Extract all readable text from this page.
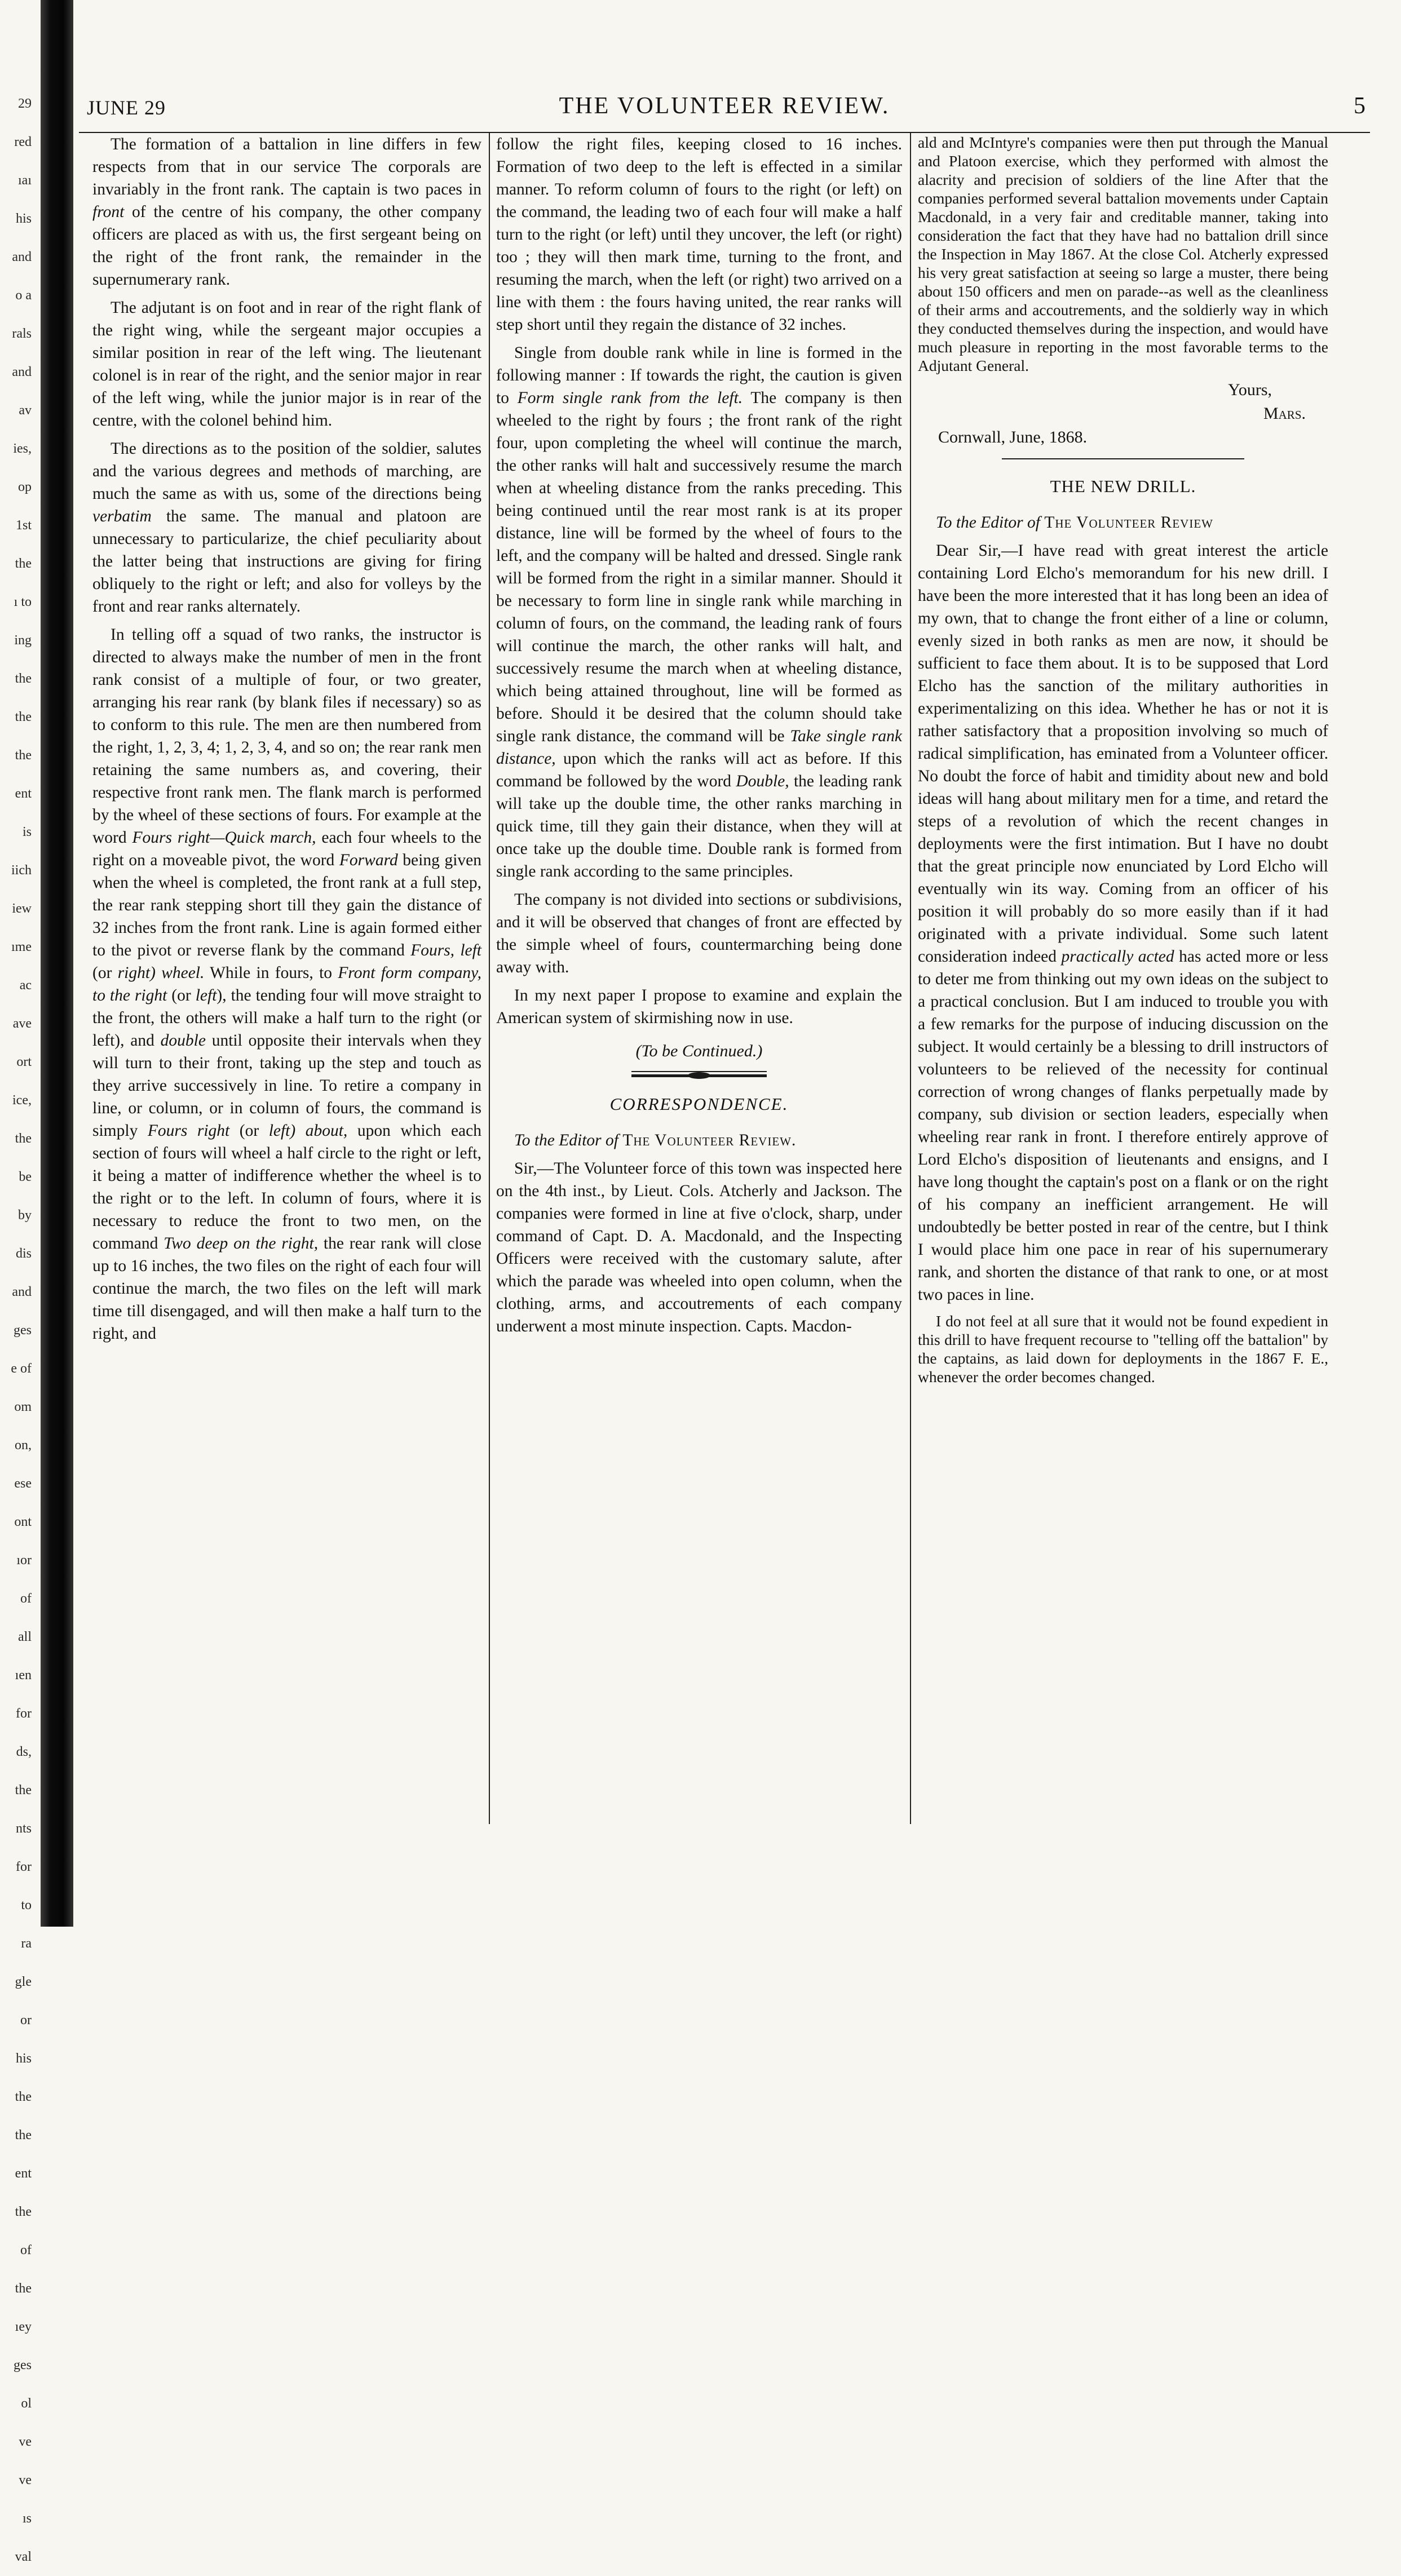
29
red
ıaı
his
and
o a
rals
and
av
ies,
op
1st
the
ı to
ing
the
the
the
ent
is
iich
iew
ıme
ac
ave
ort
ice,
the
be
by
dis
and
ges
e of
om
on,
ese
ont
ıor
of
all
ıen
for
ds,
the
nts
for
to
ra
gle
or
his
the
the
ent
the
of
the
ıey
ges
ol
ve
ve
ıs
val
JUNE 29	THE VOLUNTEER REVIEW.	5

The formation of a battalion in line differs in few respects from that in our service The corporals are invariably in the front rank. The captain is two paces in front of the centre of his company, the other company officers are placed as with us, the first sergeant being on the right of the front rank, the remainder in the supernumerary rank.

The adjutant is on foot and in rear of the right flank of the right wing, while the sergeant major occupies a similar position in rear of the left wing. The lieutenant colonel is in rear of the right, and the senior major in rear of the left wing, while the junior major is in rear of the centre, with the colonel behind him.

The directions as to the position of the soldier, salutes and the various degrees and methods of marching, are much the same as with us, some of the directions being verbatim the same. The manual and platoon are unnecessary to particularize, the chief peculiarity about the latter being that instructions are giving for firing obliquely to the right or left; and also for volleys by the front and rear ranks alternately.

In telling off a squad of two ranks, the instructor is directed to always make the number of men in the front rank consist of a multiple of four, or two greater, arranging his rear rank (by blank files if necessary) so as to conform to this rule. The men are then numbered from the right, 1, 2, 3, 4; 1, 2, 3, 4, and so on; the rear rank men retaining the same numbers as, and covering, their respective front rank men. The flank march is performed by the wheel of these sections of fours. For example at the word Fours right—Quick march, each four wheels to the right on a moveable pivot, the word Forward being given when the wheel is completed, the front rank at a full step, the rear rank stepping short till they gain the distance of 32 inches from the front rank. Line is again formed either to the pivot or reverse flank by the command Fours, left (or right) wheel. While in fours, to Front form company, to the right (or left), the tending four will move straight to the front, the others will make a half turn to the right (or left), and double until opposite their intervals when they will turn to their front, taking up the step and touch as they arrive successively in line. To retire a company in line, or column, or in column of fours, the command is simply Fours right (or left) about, upon which each section of fours will wheel a half circle to the right or left, it being a matter of indifference whether the wheel is to the right or to the left. In column of fours, where it is necessary to reduce the front to two men, on the command Two deep on the right, the rear rank will close up to 16 inches, the two files on the right of each four will continue the march, the two files on the left will mark time till disengaged, and will then make a half turn to the right, and

follow the right files, keeping closed to 16 inches. Formation of two deep to the left is effected in a similar manner. To reform column of fours to the right (or left) on the command, the leading two of each four will make a half turn to the right (or left) until they uncover, the left (or right) too ; they will then mark time, turning to the front, and resuming the march, when the left (or right) two arrived on a line with them : the fours having united, the rear ranks will step short until they regain the distance of 32 inches.

Single from double rank while in line is formed in the following manner : If towards the right, the caution is given to Form single rank from the left. The company is then wheeled to the right by fours ; the front rank of the right four, upon completing the wheel will continue the march, the other ranks will halt and successively resume the march when at wheeling distance from the ranks preceding. This being continued until the rear most rank is at its proper distance, line will be formed by the wheel of fours to the left, and the company will be halted and dressed. Single rank will be formed from the right in a similar manner. Should it be necessary to form line in single rank while marching in column of fours, on the command, the leading rank of fours will continue the march, the other ranks will halt, and successively resume the march when at wheeling distance, which being attained throughout, line will be formed as before. Should it be desired that the column should take single rank distance, the command will be Take single rank distance, upon which the ranks will act as before. If this command be followed by the word Double, the leading rank will take up the double time, the other ranks marching in quick time, till they gain their distance, when they will at once take up the double time. Double rank is formed from single rank according to the same principles.

The company is not divided into sections or subdivisions, and it will be observed that changes of front are effected by the simple wheel of fours, countermarching being done away with.

In my next paper I propose to examine and explain the American system of skirmishing now in use.

(To be Continued.)
CORRESPONDENCE.

To the Editor of The Volunteer Review.

Sir,—The Volunteer force of this town was inspected here on the 4th inst., by Lieut. Cols. Atcherly and Jackson. The companies were formed in line at five o'clock, sharp, under command of Capt. D. A. Macdonald, and the Inspecting Officers were received with the customary salute, after which the parade was wheeled into open column, when the clothing, arms, and accoutrements of each company underwent a most minute inspection. Capts. Macdon-

ald and McIntyre's companies were then put through the Manual and Platoon exercise, which they performed with almost the alacrity and precision of soldiers of the line After that the companies performed several battalion movements under Captain Macdonald, in a very fair and creditable manner, taking into consideration the fact that they have had no battalion drill since the Inspection in May 1867. At the close Col. Atcherly expressed his very great satisfaction at seeing so large a muster, there being about 150 officers and men on parade--as well as the cleanliness of their arms and accoutrements, and the soldierly way in which they conducted themselves during the inspection, and would have much pleasure in reporting in the most favorable terms to the Adjutant General.

Yours,
Mars.
Cornwall, June, 1868.
THE NEW DRILL.

To the Editor of The Volunteer Review

Dear Sir,—I have read with great interest the article containing Lord Elcho's memorandum for his new drill. I have been the more interested that it has long been an idea of my own, that to change the front either of a line or column, evenly sized in both ranks as men are now, it should be sufficient to face them about. It is to be supposed that Lord Elcho has the sanction of the military authorities in experimentalizing on this idea. Whether he has or not it is rather satisfactory that a proposition involving so much of radical simplification, has eminated from a Volunteer officer. No doubt the force of habit and timidity about new and bold ideas will hang about military men for a time, and retard the steps of a revolution of which the recent changes in deployments were the first intimation. But I have no doubt that the great principle now enunciated by Lord Elcho will eventually win its way. Coming from an officer of his position it will probably do so more easily than if it had originated with a private individual. Some such latent consideration indeed practically acted has acted more or less to deter me from thinking out my own ideas on the subject to a practical conclusion. But I am induced to trouble you with a few remarks for the purpose of inducing discussion on the subject. It would certainly be a blessing to drill instructors of volunteers to be relieved of the necessity for continual correction of wrong changes of flanks perpetually made by company, sub division or section leaders, especially when wheeling rear rank in front. I therefore entirely approve of Lord Elcho's disposition of lieutenants and ensigns, and I have long thought the captain's post on a flank or on the right of his company an inefficient arrangement. He will undoubtedly be better posted in rear of the centre, but I think I would place him one pace in rear of his supernumerary rank, and shorten the distance of that rank to one, or at most two paces in line.

I do not feel at all sure that it would not be found expedient in this drill to have frequent recourse to "telling off the battalion" by the captains, as laid down for deployments in the 1867 F. E., whenever the order becomes changed.
